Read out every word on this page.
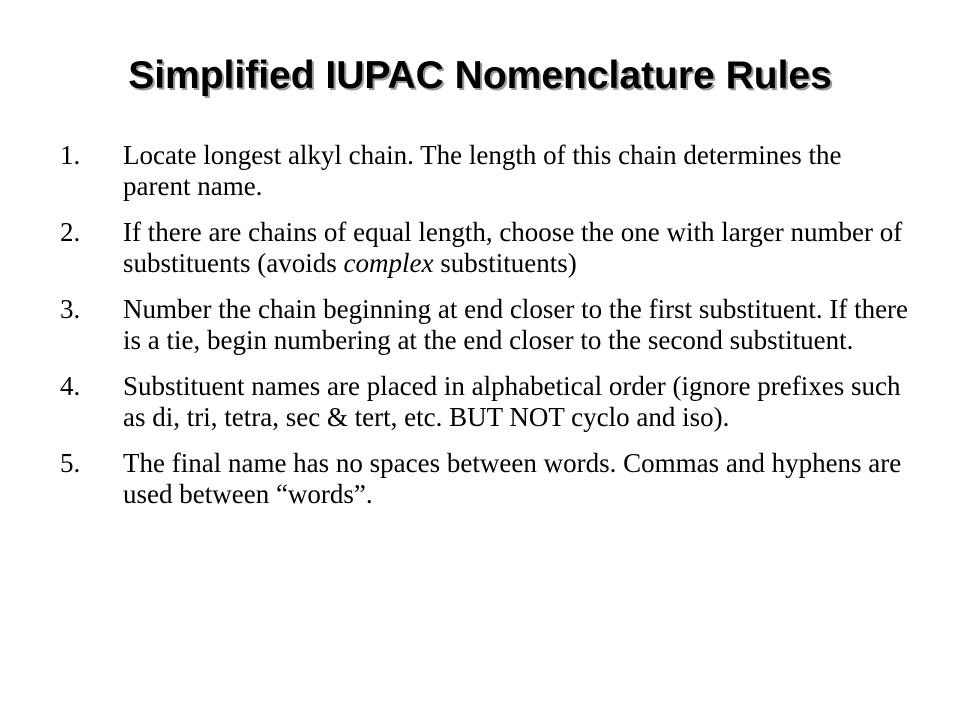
Simplified IUPAC Nomenclature Rules
1.	Locate longest alkyl chain. The length of this chain determines the parent name.
2.	If there are chains of equal length, choose the one with larger number of substituents (avoids complex substituents)
3.	Number the chain beginning at end closer to the first substituent. If there is a tie, begin numbering at the end closer to the second substituent.
4.	Substituent names are placed in alphabetical order (ignore prefixes such as di, tri, tetra, sec & tert, etc. BUT NOT cyclo and iso).
5.	The final name has no spaces between words. Commas and hyphens are used between “words”.
